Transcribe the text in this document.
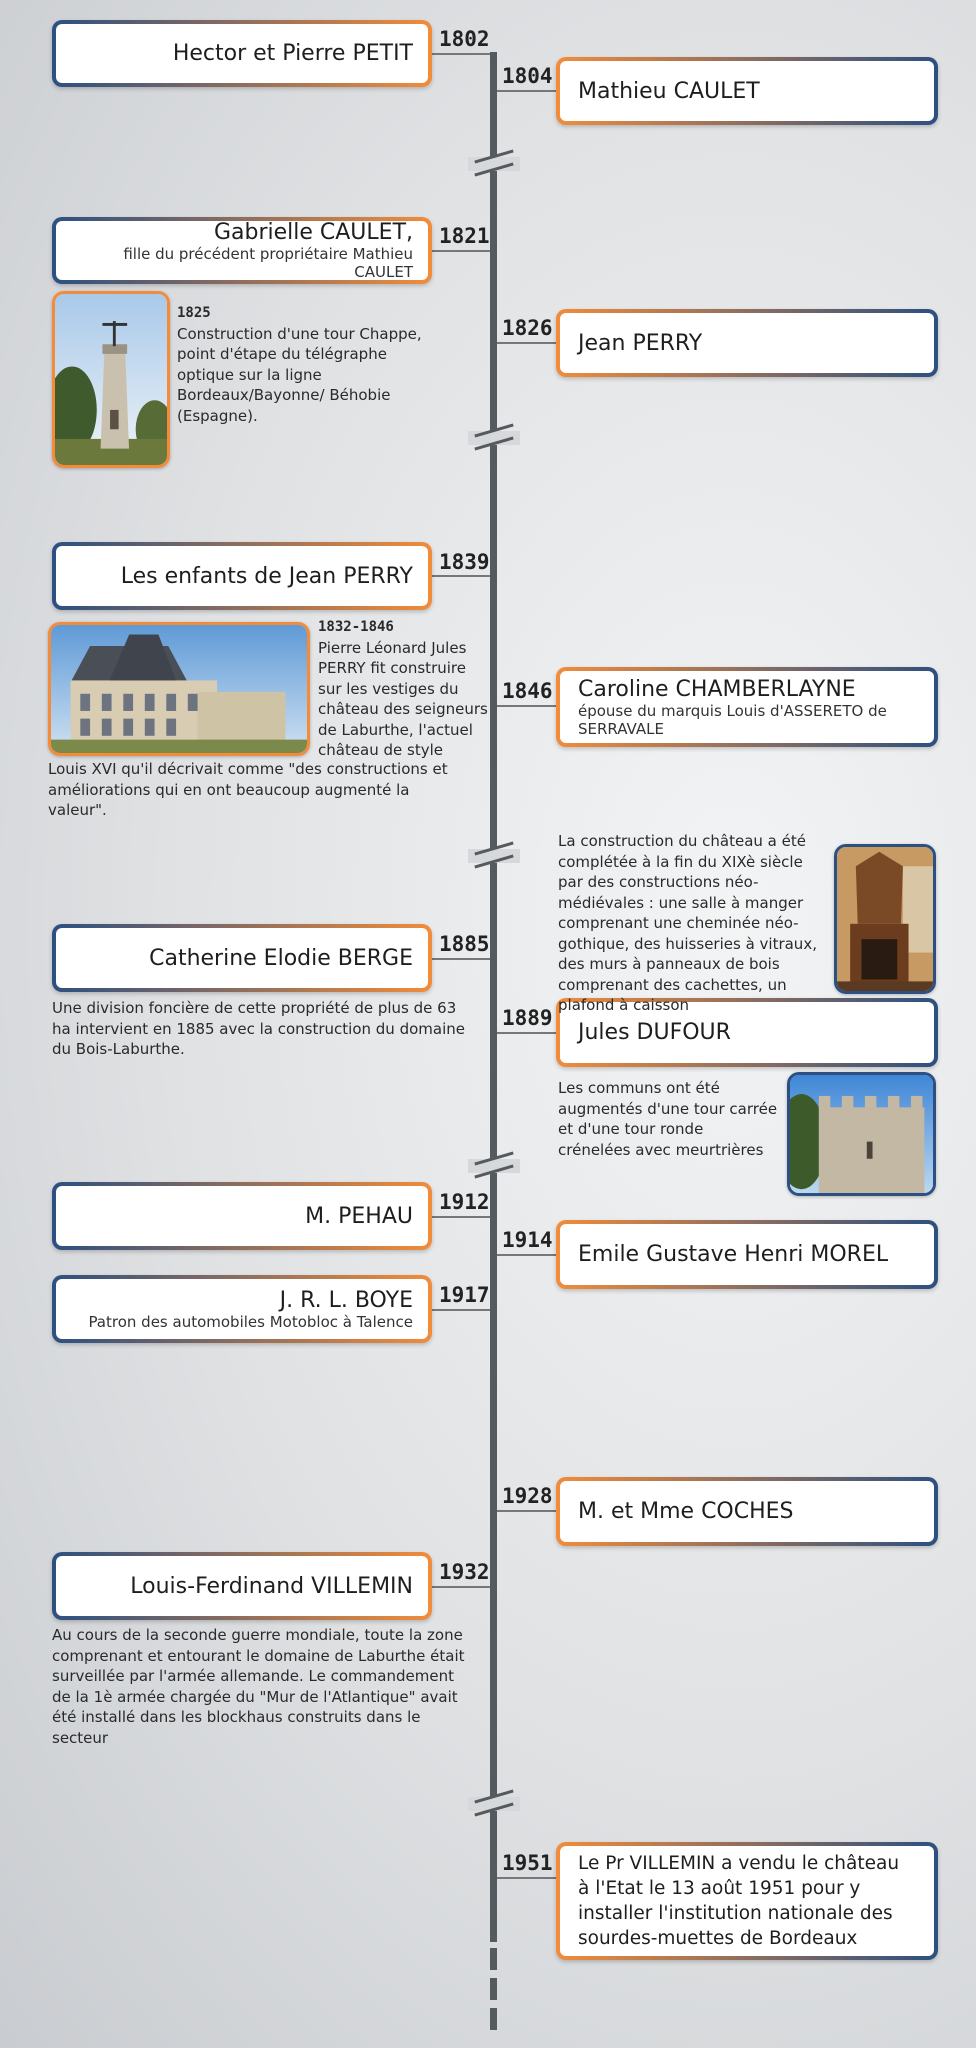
1802
1804
1821
1826
1839
1846
1885
1889
1912
1914
1917
1928
1932
1951
Hector et Pierre PETIT
Mathieu CAULET
Gabrielle CAULET,
fille du précédent propriétaire Mathieu CAULET
Jean PERRY
Les enfants de Jean PERRY
Caroline CHAMBERLAYNE
épouse du marquis Louis d'ASSERETO de SERRAVALE
Catherine Elodie BERGE
Jules DUFOUR
M. PEHAU
Emile Gustave Henri MOREL
J. R. L. BOYE
Patron des automobiles Motobloc à Talence
M. et Mme COCHES
Louis-Ferdinand VILLEMIN
Le Pr VILLEMIN a vendu le château à l'Etat le 13 août 1951 pour y installer l'institution nationale des sourdes-muettes de Bordeaux
1825
Construction d'une tour Chappe, point d'étape du télégraphe optique sur la ligne Bordeaux/Bayonne/ Béhobie (Espagne).
1832-1846
Pierre Léonard Jules PERRY fit construire sur les vestiges du château des seigneurs de Laburthe, l'actuel château de style
Louis XVI qu'il décrivait comme "des constructions et améliorations qui en ont beaucoup augmenté la valeur".
La construction du château a été complétée à la fin du XIXè siècle par des constructions néo-médiévales : une salle à manger comprenant une cheminée néo-gothique, des huisseries à vitraux, des murs à panneaux de bois comprenant des cachettes, un plafond à caisson
Une division foncière de cette propriété de plus de 63 ha intervient en 1885 avec la construction du domaine du Bois-Laburthe.
Les communs ont été augmentés d'une tour carrée et d'une tour ronde crénelées avec meurtrières
Au cours de la seconde guerre mondiale, toute la zone comprenant et entourant le domaine de Laburthe était surveillée par l'armée allemande. Le commandement de la 1è armée chargée du "Mur de l'Atlantique" avait été installé dans les blockhaus construits dans le secteur
